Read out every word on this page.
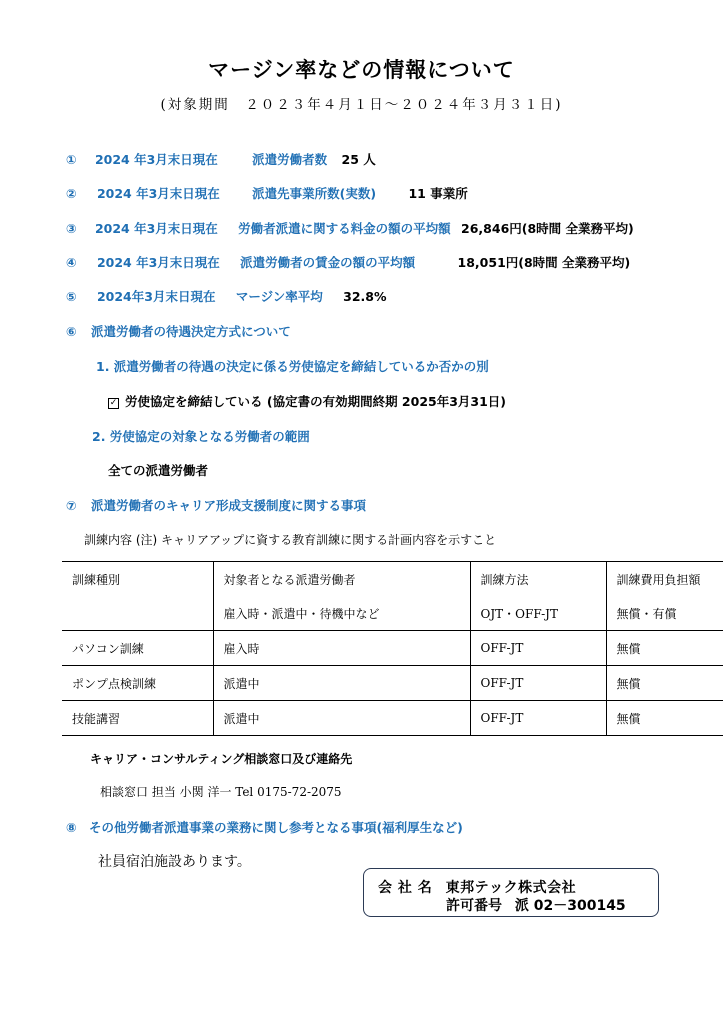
マージン率などの情報について
(対象期間　２０２３年４月１日～２０２４年３月３１日)
① 2024 年3月末日現在	派遣労働者数 25 人
② 2024 年3月末日現在	派遣先事業所数(実数)	11 事業所
③ 2024 年3月末日現在 労働者派遣に関する料金の額の平均額 26,846円(8時間 全業務平均)
④ 2024 年3月末日現在 派遣労働者の賃金の額の平均額	18,051円(8時間 全業務平均)
⑤ 2024年3月末日現在 マージン率平均 32.8%
⑥ 派遣労働者の待遇決定方式について
1. 派遣労働者の待遇の決定に係る労使協定を締結しているか否かの別
✓ 労使協定を締結している (協定書の有効期間終期 2025年3月31日)
2. 労使協定の対象となる労働者の範囲
全ての派遣労働者
⑦ 派遣労働者のキャリア形成支援制度に関する事項
訓練内容 (注) キャリアアップに資する教育訓練に関する計画内容を示すこと
訓練種別	対象者となる派遣労働者	訓練方法	訓練費用負担額
	雇入時・派遣中・待機中など	OJT・OFF-JT	無償・有償
パソコン訓練	雇入時	OFF-JT	無償
ポンプ点検訓練	派遣中	OFF-JT	無償
技能講習	派遣中	OFF-JT	無償
キャリア・コンサルティング相談窓口及び連絡先
相談窓口 担当 小関 洋一 Tel 0175-72-2075
⑧ その他労働者派遣事業の業務に関し参考となる事項(福利厚生など)
社員宿泊施設あります。
会 社 名 東邦テック株式会社
許可番号 派 02－300145
